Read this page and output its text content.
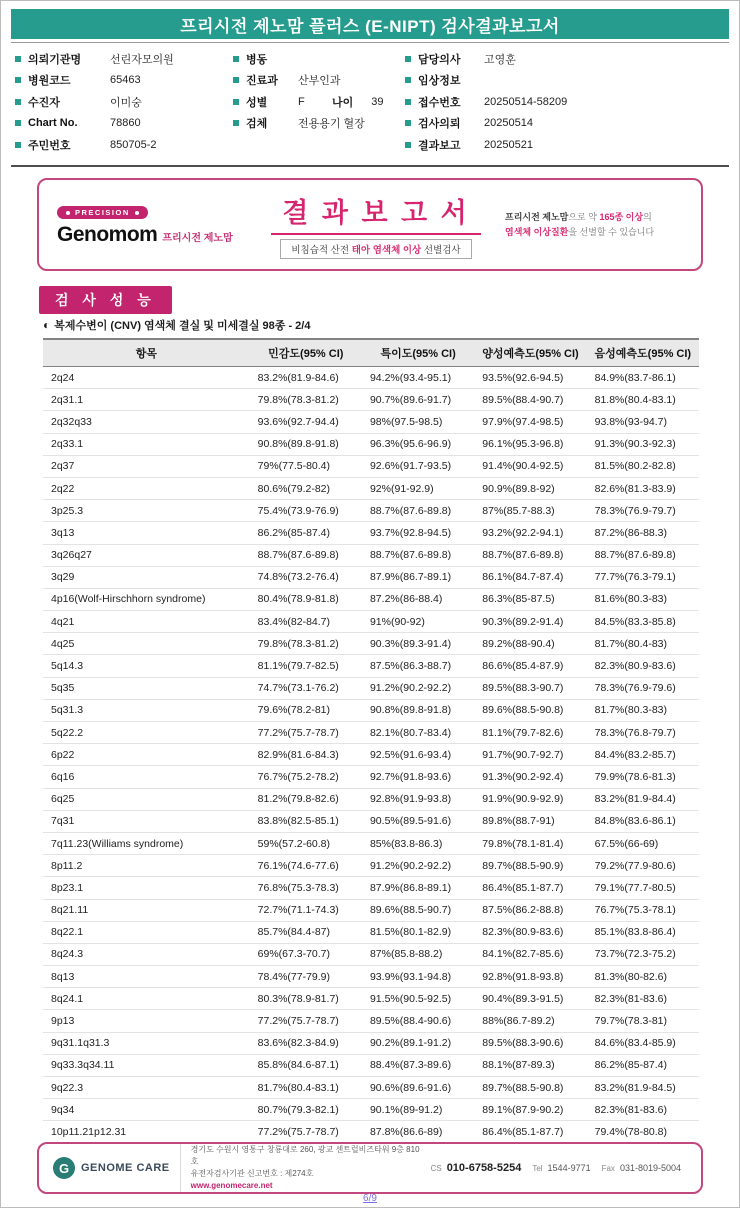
프리시전 제노맘 플러스 (E-NIPT) 검사결과보고서
의뢰기관명	선린자모의원
병원코드	65463
수진자	이미숭
Chart No.	78860
주민번호	850705-2
병동
진료과	산부인과
성별	F	나이 39
검체	전용용기 혈장
담당의사	고영훈
임상정보
접수번호	20250514-58209
검사의뢰	20250514
결과보고	20250521
PRECISION
Genomom 프리시전 제노맘
결 과 보 고 서
비침습적 산전 태아 염색체 이상 선별검사
프리시전 제노맘으로 약 165종 이상의
염색체 이상질환을 선별할 수 있습니다
검 사 성 능
◐ 복제수변이 (CNV) 염색체 결실 및 미세결실 98종 - 2/4
항목	민감도(95% CI)	특이도(95% CI)	양성예측도(95% CI)	음성예측도(95% CI)
2q24	83.2%(81.9-84.6)	94.2%(93.4-95.1)	93.5%(92.6-94.5)	84.9%(83.7-86.1)
2q31.1	79.8%(78.3-81.2)	90.7%(89.6-91.7)	89.5%(88.4-90.7)	81.8%(80.4-83.1)
2q32q33	93.6%(92.7-94.4)	98%(97.5-98.5)	97.9%(97.4-98.5)	93.8%(93-94.7)
2q33.1	90.8%(89.8-91.8)	96.3%(95.6-96.9)	96.1%(95.3-96.8)	91.3%(90.3-92.3)
2q37	79%(77.5-80.4)	92.6%(91.7-93.5)	91.4%(90.4-92.5)	81.5%(80.2-82.8)
2q22	80.6%(79.2-82)	92%(91-92.9)	90.9%(89.8-92)	82.6%(81.3-83.9)
3p25.3	75.4%(73.9-76.9)	88.7%(87.6-89.8)	87%(85.7-88.3)	78.3%(76.9-79.7)
3q13	86.2%(85-87.4)	93.7%(92.8-94.5)	93.2%(92.2-94.1)	87.2%(86-88.3)
3q26q27	88.7%(87.6-89.8)	88.7%(87.6-89.8)	88.7%(87.6-89.8)	88.7%(87.6-89.8)
3q29	74.8%(73.2-76.4)	87.9%(86.7-89.1)	86.1%(84.7-87.4)	77.7%(76.3-79.1)
4p16(Wolf-Hirschhorn syndrome)	80.4%(78.9-81.8)	87.2%(86-88.4)	86.3%(85-87.5)	81.6%(80.3-83)
4q21	83.4%(82-84.7)	91%(90-92)	90.3%(89.2-91.4)	84.5%(83.3-85.8)
4q25	79.8%(78.3-81.2)	90.3%(89.3-91.4)	89.2%(88-90.4)	81.7%(80.4-83)
5q14.3	81.1%(79.7-82.5)	87.5%(86.3-88.7)	86.6%(85.4-87.9)	82.3%(80.9-83.6)
5q35	74.7%(73.1-76.2)	91.2%(90.2-92.2)	89.5%(88.3-90.7)	78.3%(76.9-79.6)
5q31.3	79.6%(78.2-81)	90.8%(89.8-91.8)	89.6%(88.5-90.8)	81.7%(80.3-83)
5q22.2	77.2%(75.7-78.7)	82.1%(80.7-83.4)	81.1%(79.7-82.6)	78.3%(76.8-79.7)
6p22	82.9%(81.6-84.3)	92.5%(91.6-93.4)	91.7%(90.7-92.7)	84.4%(83.2-85.7)
6q16	76.7%(75.2-78.2)	92.7%(91.8-93.6)	91.3%(90.2-92.4)	79.9%(78.6-81.3)
6q25	81.2%(79.8-82.6)	92.8%(91.9-93.8)	91.9%(90.9-92.9)	83.2%(81.9-84.4)
7q31	83.8%(82.5-85.1)	90.5%(89.5-91.6)	89.8%(88.7-91)	84.8%(83.6-86.1)
7q11.23(Williams syndrome)	59%(57.2-60.8)	85%(83.8-86.3)	79.8%(78.1-81.4)	67.5%(66-69)
8p11.2	76.1%(74.6-77.6)	91.2%(90.2-92.2)	89.7%(88.5-90.9)	79.2%(77.9-80.6)
8p23.1	76.8%(75.3-78.3)	87.9%(86.8-89.1)	86.4%(85.1-87.7)	79.1%(77.7-80.5)
8q21.11	72.7%(71.1-74.3)	89.6%(88.5-90.7)	87.5%(86.2-88.8)	76.7%(75.3-78.1)
8q22.1	85.7%(84.4-87)	81.5%(80.1-82.9)	82.3%(80.9-83.6)	85.1%(83.8-86.4)
8q24.3	69%(67.3-70.7)	87%(85.8-88.2)	84.1%(82.7-85.6)	73.7%(72.3-75.2)
8q13	78.4%(77-79.9)	93.9%(93.1-94.8)	92.8%(91.8-93.8)	81.3%(80-82.6)
8q24.1	80.3%(78.9-81.7)	91.5%(90.5-92.5)	90.4%(89.3-91.5)	82.3%(81-83.6)
9p13	77.2%(75.7-78.7)	89.5%(88.4-90.6)	88%(86.7-89.2)	79.7%(78.3-81)
9q31.1q31.3	83.6%(82.3-84.9)	90.2%(89.1-91.2)	89.5%(88.3-90.6)	84.6%(83.4-85.9)
9q33.3q34.11	85.8%(84.6-87.1)	88.4%(87.3-89.6)	88.1%(87-89.3)	86.2%(85-87.4)
9q22.3	81.7%(80.4-83.1)	90.6%(89.6-91.6)	89.7%(88.5-90.8)	83.2%(81.9-84.5)
9q34	80.7%(79.3-82.1)	90.1%(89-91.2)	89.1%(87.9-90.2)	82.3%(81-83.6)
10p11.21p12.31	77.2%(75.7-78.7)	87.8%(86.6-89)	86.4%(85.1-87.7)	79.4%(78-80.8)
G	GENOME CARE
경기도 수원시 영통구 창룡대로 260, 광교 센트럴비즈타워 9층 810호
유전자검사기관 신고번호 : 제274호
www.genomecare.net
CS 010-6758-5254 Tel 1544-9771 Fax 031-8019-5004
6/9
